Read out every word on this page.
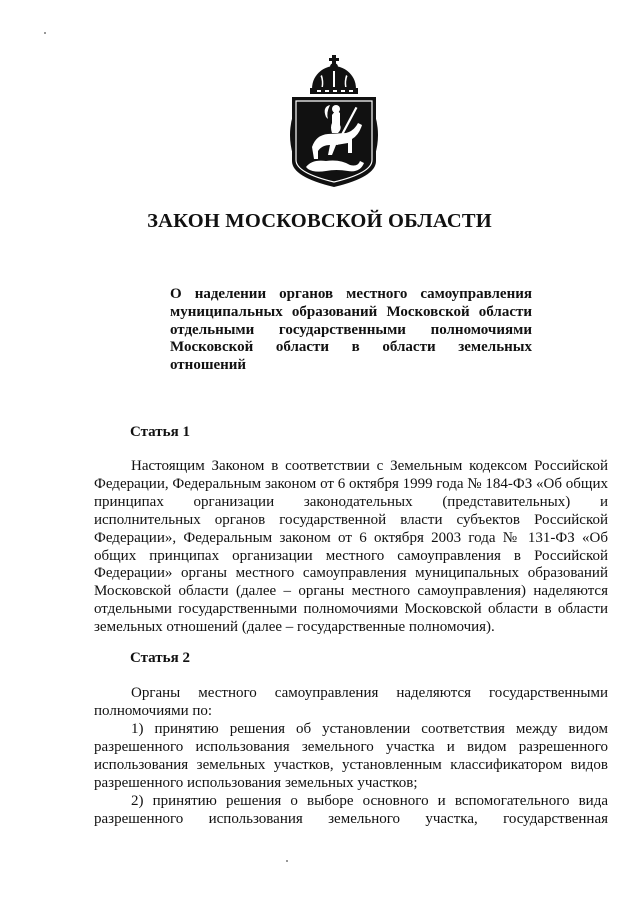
ЗАКОН МОСКОВСКОЙ ОБЛАСТИ
О наделении органов местного самоуправления муниципальных образований Московской области отдельными государственными полномочиями Московской области в области земельных отношений
Статья 1

Настоящим Законом в соответствии с Земельным кодексом Российской Федерации, Федеральным законом от 6 октября 1999 года № 184-ФЗ «Об общих принципах организации законодательных (представительных) и исполнительных органов государственной власти субъектов Российской Федерации», Федеральным законом от 6 октября 2003 года № 131-ФЗ «Об общих принципах организации местного самоуправления в Российской Федерации» органы местного самоуправления муниципальных образований Московской области (далее – органы местного самоуправления) наделяются отдельными государственными полномочиями Московской области в области земельных отношений (далее – государственные полномочия).

Статья 2

Органы местного самоуправления наделяются государственными полномочиями по:

1) принятию решения об установлении соответствия между видом разрешенного использования земельного участка и видом разрешенного использования земельных участков, установленным классификатором видов разрешенного использования земельных участков;

2) принятию решения о выборе основного и вспомогательного вида разрешенного использования земельного участка, государственная
